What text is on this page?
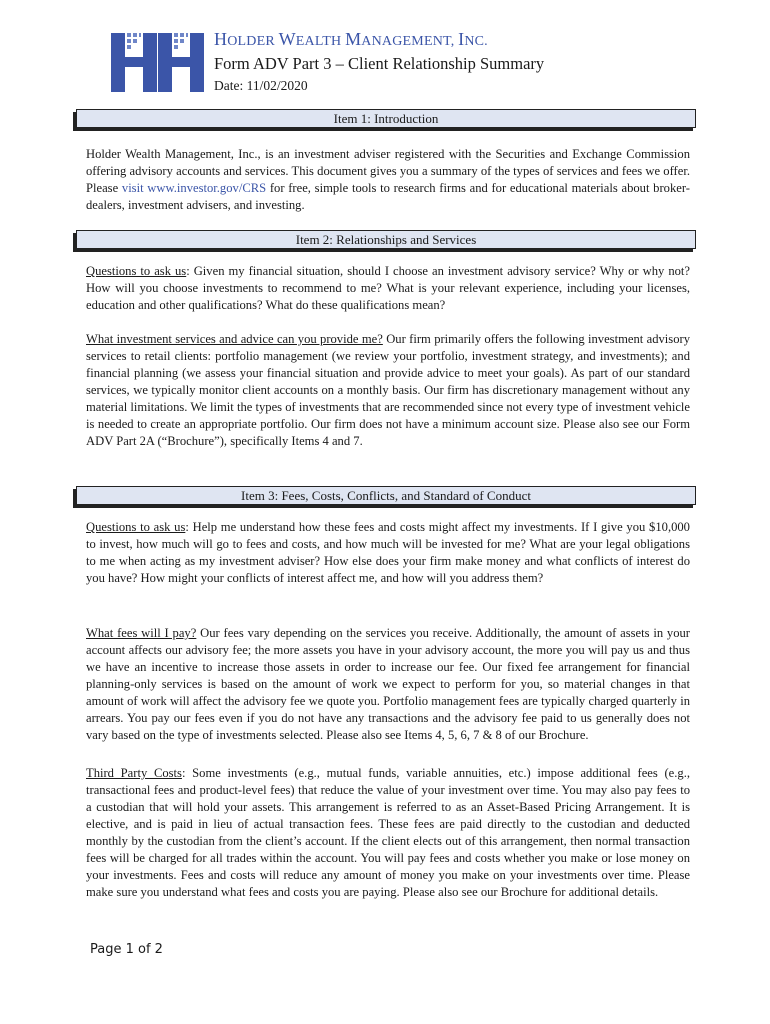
HOLDER WEALTH MANAGEMENT, INC.
Form ADV Part 3 – Client Relationship Summary
Date: 11/02/2020
Item 1: Introduction

Holder Wealth Management, Inc., is an investment adviser registered with the Securities and Exchange Commission offering advisory accounts and services. This document gives you a summary of the types of services and fees we offer. Please visit www.investor.gov/CRS for free, simple tools to research firms and for educational materials about broker-dealers, investment advisers, and investing.

Item 2: Relationships and Services

Questions to ask us: Given my financial situation, should I choose an investment advisory service? Why or why not? How will you choose investments to recommend to me? What is your relevant experience, including your licenses, education and other qualifications? What do these qualifications mean?

What investment services and advice can you provide me? Our firm primarily offers the following investment advisory services to retail clients: portfolio management (we review your portfolio, investment strategy, and investments); and financial planning (we assess your financial situation and provide advice to meet your goals). As part of our standard services, we typically monitor client accounts on a monthly basis. Our firm has discretionary management without any material limitations. We limit the types of investments that are recommended since not every type of investment vehicle is needed to create an appropriate portfolio. Our firm does not have a minimum account size. Please also see our Form ADV Part 2A (“Brochure”), specifically Items 4 and 7.

Item 3: Fees, Costs, Conflicts, and Standard of Conduct

Questions to ask us: Help me understand how these fees and costs might affect my investments. If I give you $10,000 to invest, how much will go to fees and costs, and how much will be invested for me? What are your legal obligations to me when acting as my investment adviser? How else does your firm make money and what conflicts of interest do you have? How might your conflicts of interest affect me, and how will you address them?

What fees will I pay? Our fees vary depending on the services you receive. Additionally, the amount of assets in your account affects our advisory fee; the more assets you have in your advisory account, the more you will pay us and thus we have an incentive to increase those assets in order to increase our fee. Our fixed fee arrangement for financial planning-only services is based on the amount of work we expect to perform for you, so material changes in that amount of work will affect the advisory fee we quote you. Portfolio management fees are typically charged quarterly in arrears. You pay our fees even if you do not have any transactions and the advisory fee paid to us generally does not vary based on the type of investments selected. Please also see Items 4, 5, 6, 7 & 8 of our Brochure.

Third Party Costs: Some investments (e.g., mutual funds, variable annuities, etc.) impose additional fees (e.g., transactional fees and product-level fees) that reduce the value of your investment over time. You may also pay fees to a custodian that will hold your assets. This arrangement is referred to as an Asset-Based Pricing Arrangement. It is elective, and is paid in lieu of actual transaction fees. These fees are paid directly to the custodian and deducted monthly by the custodian from the client’s account. If the client elects out of this arrangement, then normal transaction fees will be charged for all trades within the account. You will pay fees and costs whether you make or lose money on your investments. Fees and costs will reduce any amount of money you make on your investments over time. Please make sure you understand what fees and costs you are paying. Please also see our Brochure for additional details.

Page 1 of 2
